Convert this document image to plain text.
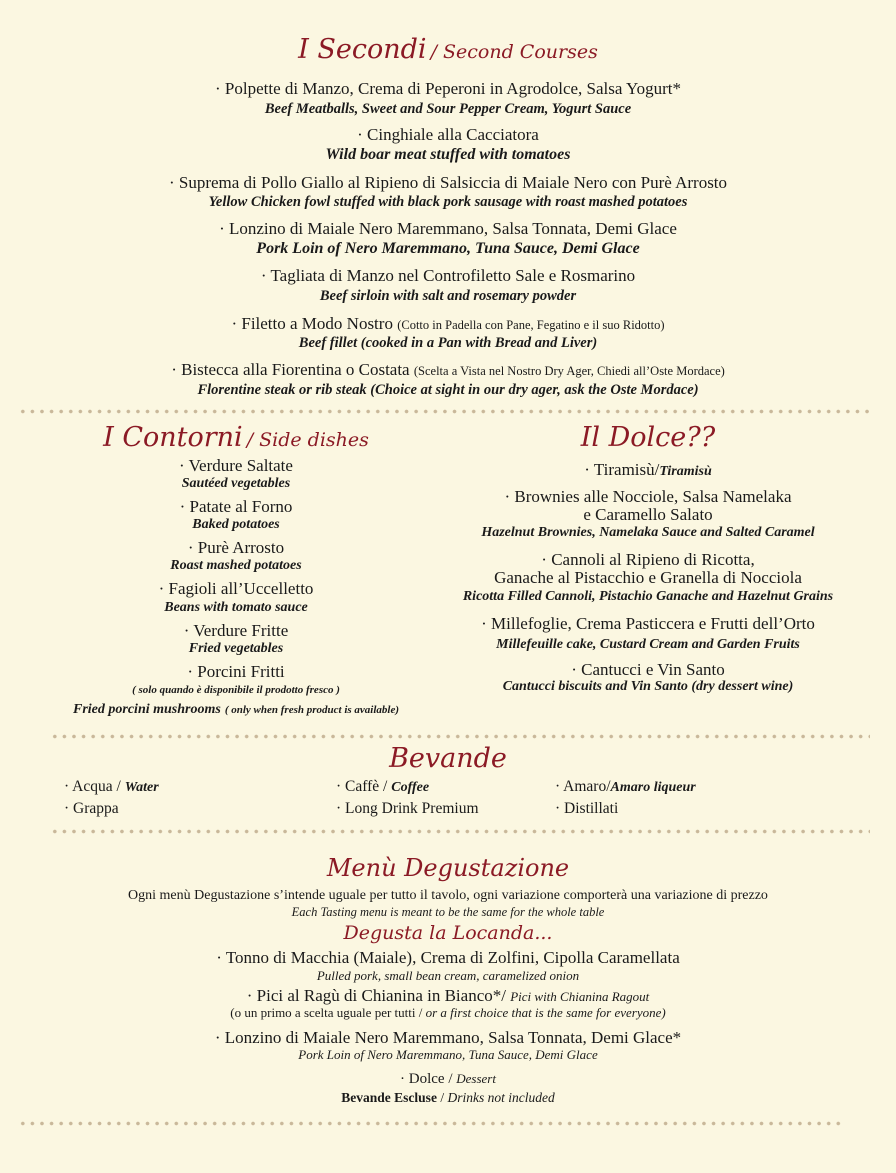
I Secondi / Second Courses
· Polpette di Manzo, Crema di Peperoni in Agrodolce, Salsa Yogurt*
Beef Meatballs, Sweet and Sour Pepper Cream, Yogurt Sauce
· Cinghiale alla Cacciatora
Wild boar meat stuffed with tomatoes
· Suprema di Pollo Giallo al Ripieno di Salsiccia di Maiale Nero con Purè Arrosto
Yellow Chicken fowl stuffed with black pork sausage with roast mashed potatoes
· Lonzino di Maiale Nero Maremmano, Salsa Tonnata, Demi Glace
Pork Loin of Nero Maremmano, Tuna Sauce, Demi Glace
· Tagliata di Manzo nel Controfiletto Sale e Rosmarino
Beef sirloin with salt and rosemary powder
· Filetto a Modo Nostro (Cotto in Padella con Pane, Fegatino e il suo Ridotto)
Beef fillet (cooked in a Pan with Bread and Liver)
· Bistecca alla Fiorentina o Costata (Scelta a Vista nel Nostro Dry Ager, Chiedi all’Oste Mordace)
Florentine steak or rib steak (Choice at sight in our dry ager, ask the Oste Mordace)
I Contorni / Side dishes
· Verdure Saltate
Sautéed vegetables
· Patate al Forno
Baked potatoes
· Purè Arrosto
Roast mashed potatoes
· Fagioli all’Uccelletto
Beans with tomato sauce
· Verdure Fritte
Fried vegetables
· Porcini Fritti
( solo quando è disponibile il prodotto fresco )
Fried porcini mushrooms ( only when fresh product is available)
Il Dolce??
· Tiramisù/Tiramisù
· Brownies alle Nocciole, Salsa Namelaka
e Caramello Salato
Hazelnut Brownies, Namelaka Sauce and Salted Caramel
· Cannoli al Ripieno di Ricotta,
Ganache al Pistacchio e Granella di Nocciola
Ricotta Filled Cannoli, Pistachio Ganache and Hazelnut Grains
· Millefoglie, Crema Pasticcera e Frutti dell’Orto
Millefeuille cake, Custard Cream and Garden Fruits
· Cantucci e Vin Santo
Cantucci biscuits and Vin Santo (dry dessert wine)
Bevande
· Acqua / Water	· Caffè / Coffee	· Amaro/Amaro liqueur
· Grappa	· Long Drink Premium	· Distillati
Menù Degustazione
Ogni menù Degustazione s’intende uguale per tutto il tavolo, ogni variazione comporterà una variazione di prezzo
Each Tasting menu is meant to be the same for the whole table
Degusta la Locanda...
· Tonno di Macchia (Maiale), Crema di Zolfini, Cipolla Caramellata
Pulled pork, small bean cream, caramelized onion
· Pici al Ragù di Chianina in Bianco*/ Pici with Chianina Ragout
(o un primo a scelta uguale per tutti / or a first choice that is the same for everyone)
· Lonzino di Maiale Nero Maremmano, Salsa Tonnata, Demi Glace*
Pork Loin of Nero Maremmano, Tuna Sauce, Demi Glace
· Dolce / Dessert
Bevande Escluse / Drinks not included
